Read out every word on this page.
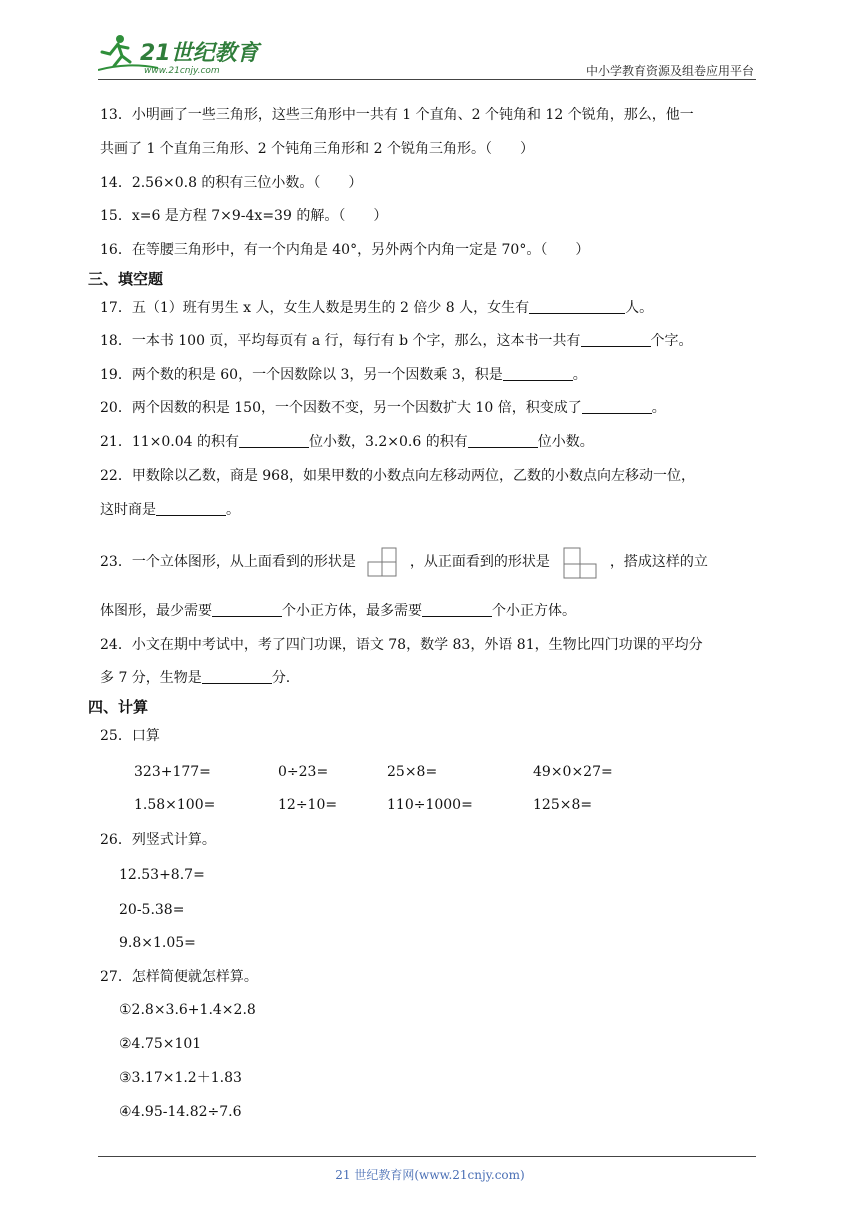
21世纪教育
www.21cnjy.com	中小学教育资源及组卷应用平台
13．小明画了一些三角形，这些三角形中一共有 1 个直角、2 个钝角和 12 个锐角，那么，他一
共画了 1 个直角三角形、2 个钝角三角形和 2 个锐角三角形。（　　）
14．2.56×0.8 的积有三位小数。（　　）
15．x=6 是方程 7×9-4x=39 的解。（　　）
16．在等腰三角形中，有一个内角是 40°，另外两个内角一定是 70°。（　　）
三、填空题
17．五（1）班有男生 x 人，女生人数是男生的 2 倍少 8 人，女生有	人。
18．一本书 100 页，平均每页有 a 行，每行有 b 个字，那么，这本书一共有	个字。
19．两个数的积是 60，一个因数除以 3，另一个因数乘 3，积是	。
20．两个因数的积是 150，一个因数不变，另一个因数扩大 10 倍，积变成了	。
21．11×0.04 的积有	位小数，3.2×0.6 的积有	位小数。
22．甲数除以乙数，商是 968，如果甲数的小数点向左移动两位，乙数的小数点向左移动一位，
这时商是	。
23．一个立体图形，从上面看到的形状是	，从正面看到的形状是	，搭成这样的立
体图形，最少需要	个小正方体，最多需要	个小正方体。
24．小文在期中考试中，考了四门功课，语文 78，数学 83，外语 81，生物比四门功课的平均分
多 7 分，生物是	分.
四、计算
25．口算
323+177=	0÷23=	25×8=	49×0×27=
1.58×100=	12÷10=	110÷1000=	125×8=
26．列竖式计算。
12.53+8.7=
20-5.38=
9.8×1.05=
27．怎样简便就怎样算。
①2.8×3.6+1.4×2.8
②4.75×101
③3.17×1.2＋1.83
④4.95-14.82÷7.6
21 世纪教育网(www.21cnjy.com)
